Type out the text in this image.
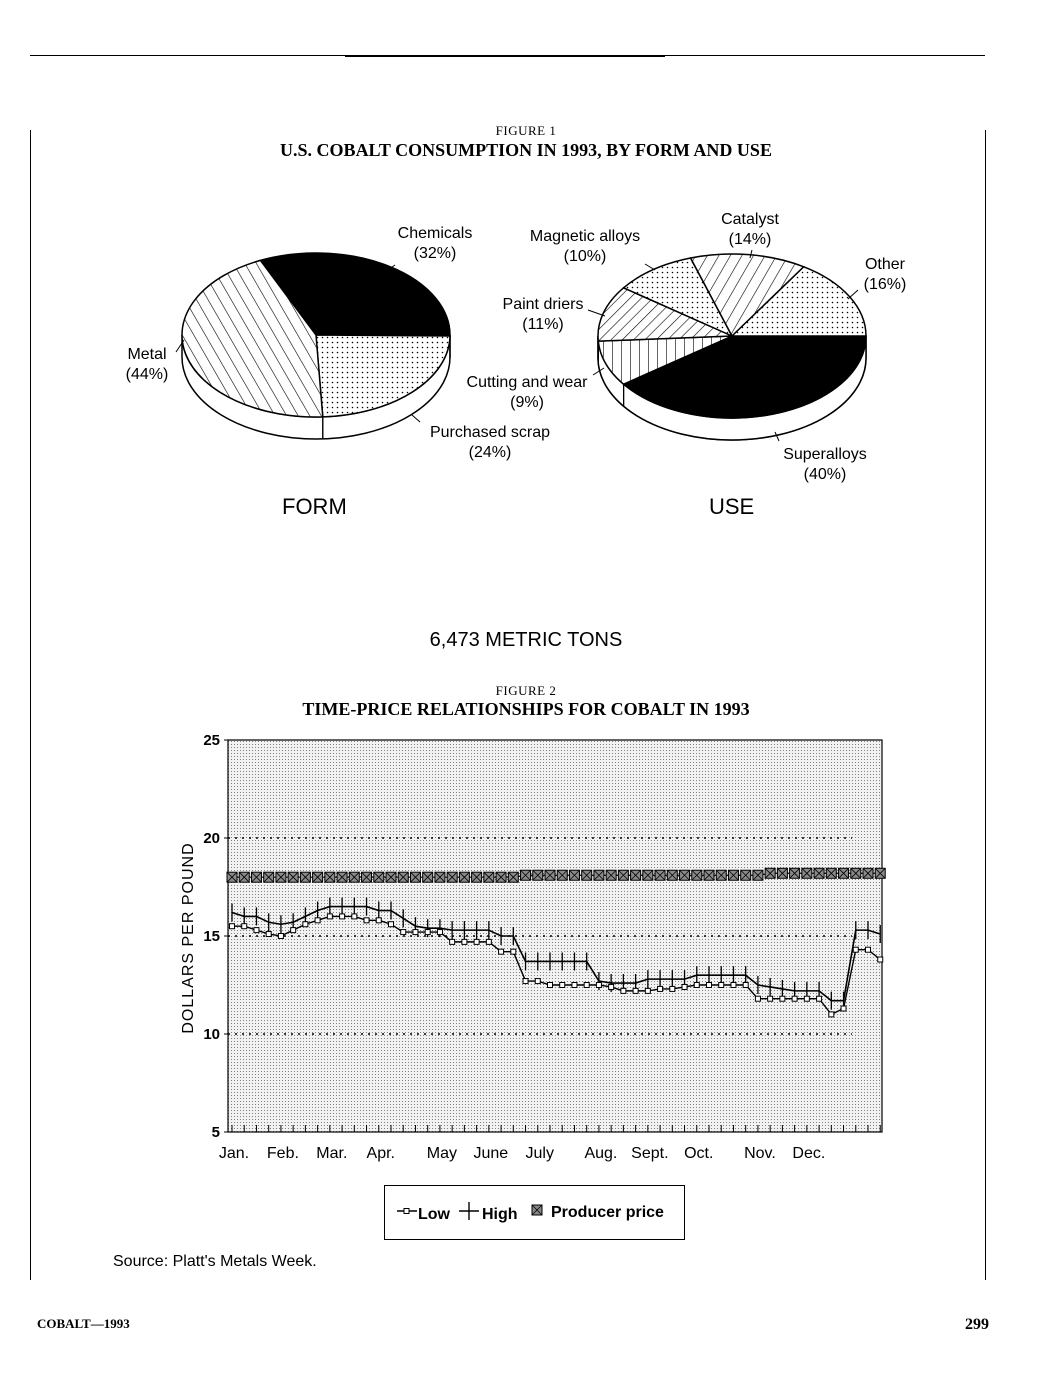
FIGURE 1
U.S. COBALT CONSUMPTION IN 1993, BY FORM AND USE
Chemicals
(32%)
Metal
(44%)
Purchased scrap
(24%)
Magnetic alloys
(10%)
Catalyst
(14%)
Other
(16%)
Paint driers
(11%)
Cutting and wear
(9%)
Superalloys
(40%)
FORM	USE
6,473 METRIC TONS
FIGURE 2
TIME-PRICE RELATIONSHIPS FOR COBALT IN 1993
5
10
15
20
25
Jan. Feb. Mar. Apr. May June July Aug. Sept. Oct. Nov. Dec.
DOLLARS PER POUND
Low High Producer price
Source: Platt's Metals Week.
COBALT—1993	299
